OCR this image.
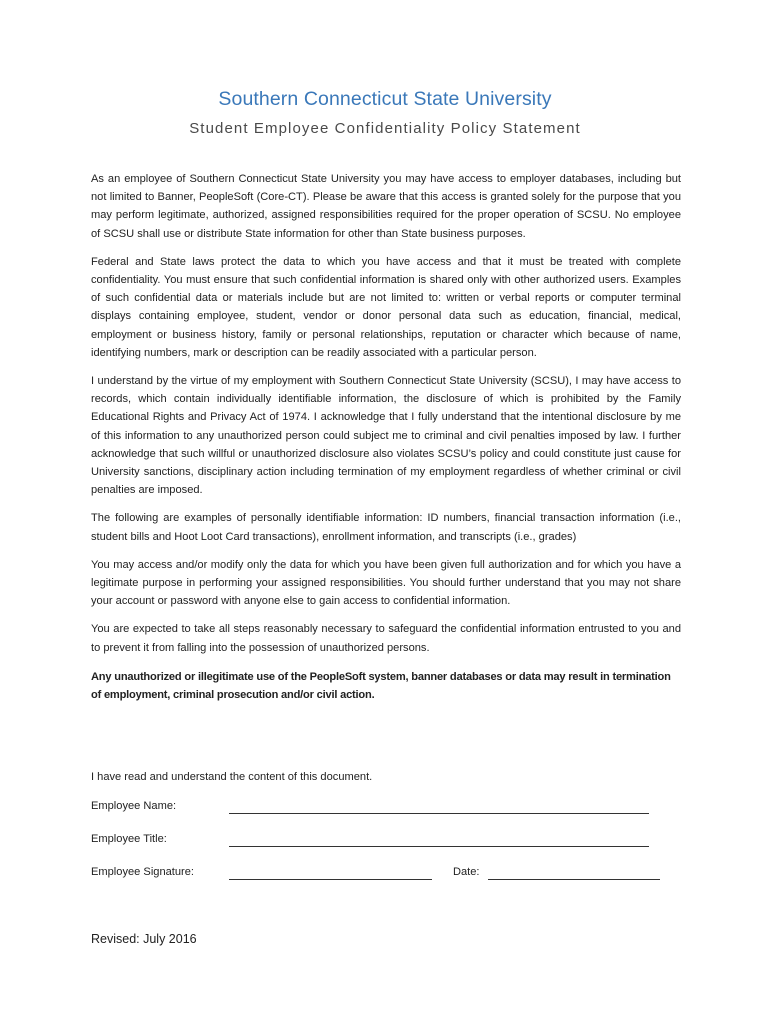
Southern Connecticut State University
Student Employee Confidentiality Policy Statement

As an employee of Southern Connecticut State University you may have access to employer databases, including but not limited to Banner, PeopleSoft (Core-CT). Please be aware that this access is granted solely for the purpose that you may perform legitimate, authorized, assigned responsibilities required for the proper operation of SCSU. No employee of SCSU shall use or distribute State information for other than State business purposes.

Federal and State laws protect the data to which you have access and that it must be treated with complete confidentiality. You must ensure that such confidential information is shared only with other authorized users. Examples of such confidential data or materials include but are not limited to: written or verbal reports or computer terminal displays containing employee, student, vendor or donor personal data such as education, financial, medical, employment or business history, family or personal relationships, reputation or character which because of name, identifying numbers, mark or description can be readily associated with a particular person.

I understand by the virtue of my employment with Southern Connecticut State University (SCSU), I may have access to records, which contain individually identifiable information, the disclosure of which is prohibited by the Family Educational Rights and Privacy Act of 1974. I acknowledge that I fully understand that the intentional disclosure by me of this information to any unauthorized person could subject me to criminal and civil penalties imposed by law. I further acknowledge that such willful or unauthorized disclosure also violates SCSU’s policy and could constitute just cause for University sanctions, disciplinary action including termination of my employment regardless of whether criminal or civil penalties are imposed.

The following are examples of personally identifiable information: ID numbers, financial transaction information (i.e., student bills and Hoot Loot Card transactions), enrollment information, and transcripts (i.e., grades)

You may access and/or modify only the data for which you have been given full authorization and for which you have a legitimate purpose in performing your assigned responsibilities. You should further understand that you may not share your account or password with anyone else to gain access to confidential information.

You are expected to take all steps reasonably necessary to safeguard the confidential information entrusted to you and to prevent it from falling into the possession of unauthorized persons.

Any unauthorized or illegitimate use of the PeopleSoft system, banner databases or data may result in termination of employment, criminal prosecution and/or civil action.

I have read and understand the content of this document.
Employee Name:
Employee Title:
Employee Signature:	Date:
Revised: July 2016
